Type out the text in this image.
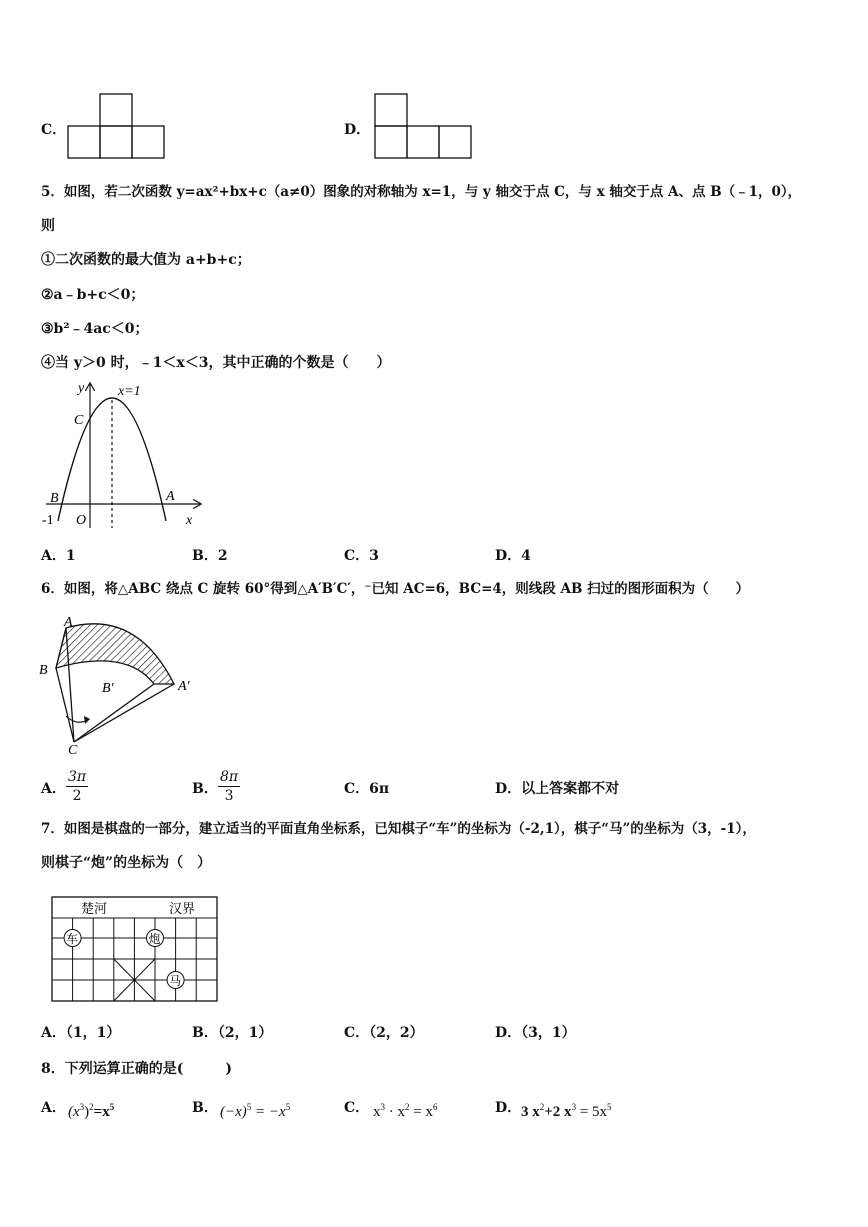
C．	D．
5．如图，若二次函数 y=ax²+bx+c（a≠0）图象的对称轴为 x=1，与 y 轴交于点 C，与 x 轴交于点 A、点 B（﹣1，0），
则
①二次函数的最大值为 a+b+c；
②a﹣b+c＜0；
③b²﹣4ac＜0；
④当 y＞0 时，﹣1＜x＜3，其中正确的个数是（　　）
y x=1
C
B	A
O
-1	x
A．1	B．2	C．3	D．4
6．如图，将△ABC 绕点 C 旋转 60°得到△A′B′C′，⁻已知 AC=6，BC=4，则线段 AB 扫过的图形面积为（　　）
A
B
B′	A′
C
A． $\frac{3\pi}{2}$	B． $\frac{8\pi}{3}$	C．6π	D．以上答案都不对
7．如图是棋盘的一部分，建立适当的平面直角坐标系，已知棋子“车”的坐标为（-2,1），棋子“马”的坐标为（3，-1），
则棋子“炮”的坐标为（　）
楚河	汉界
车	炮
马
A．（1，1）	B．（2，1）	C．（2，2）	D．（3，1）
8．下列运算正确的是(　　　)
A． $(x^3)^2=x^5$	B． $(-x)^5 = -x^5$	C． $x^3 \cdot x^2 = x^6$	D． 3 $x^2+2$ $x^3 = 5x^5$
